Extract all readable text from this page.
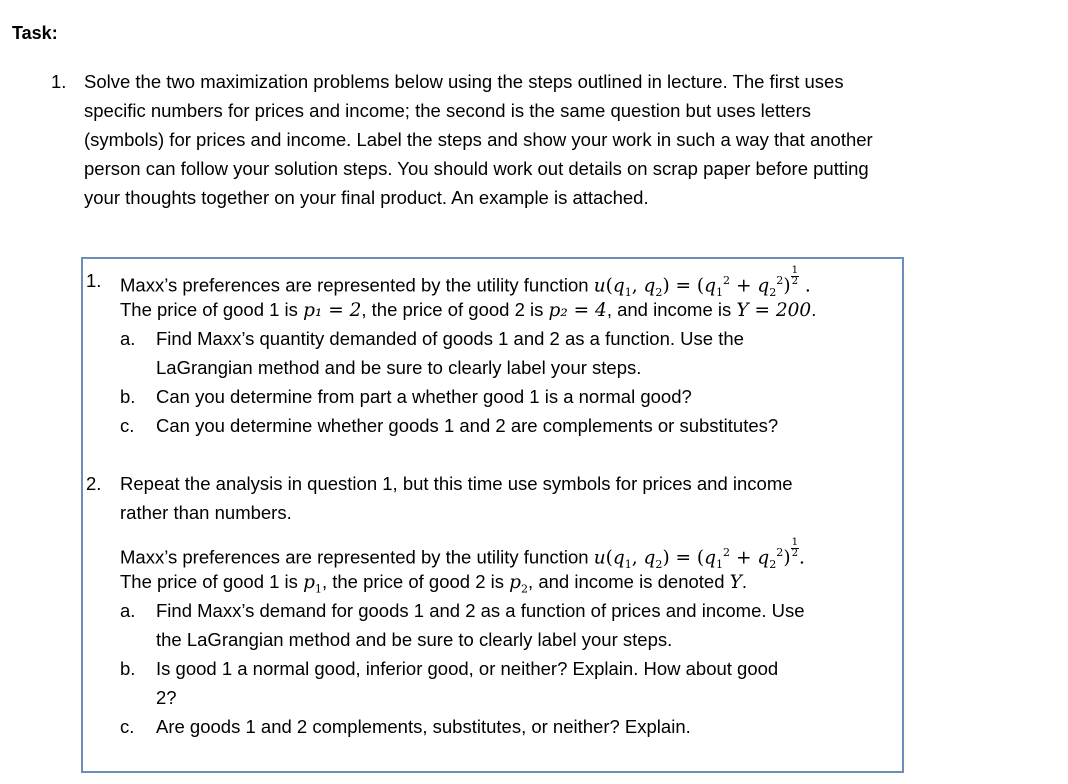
Task:
1. Solve the two maximization problems below using the steps outlined in lecture. The first uses specific numbers for prices and income; the second is the same question but uses letters (symbols) for prices and income. Label the steps and show your work in such a way that another person can follow your solution steps. You should work out details on scrap paper before putting your thoughts together on your final product. An example is attached.
1. Maxx’s preferences are represented by the utility function $u(q_1$, $q_2) = (q_1^2 + q_2^2) \frac{1}{2}$ .
The price of good 1 is p₁ = 2, the price of good 2 is p₂ = 4, and income is Y = 200.
a. Find Maxx’s quantity demanded of goods 1 and 2 as a function. Use the
LaGrangian method and be sure to clearly label your steps.
b. Can you determine from part a whether good 1 is a normal good?
c. Can you determine whether goods 1 and 2 are complements or substitutes?
2. Repeat the analysis in question 1, but this time use symbols for prices and income
rather than numbers.
Maxx’s preferences are represented by the utility function $u(q_1$, $q_2) = (q_1^2 + q_2^2) \frac{1}{2}$ .
The price of good 1 is $p_1$, the price of good 2 is $p_2$, and income is denoted Y.
a. Find Maxx’s demand for goods 1 and 2 as a function of prices and income. Use
the LaGrangian method and be sure to clearly label your steps.
b. Is good 1 a normal good, inferior good, or neither? Explain. How about good
2?
c. Are goods 1 and 2 complements, substitutes, or neither? Explain.
